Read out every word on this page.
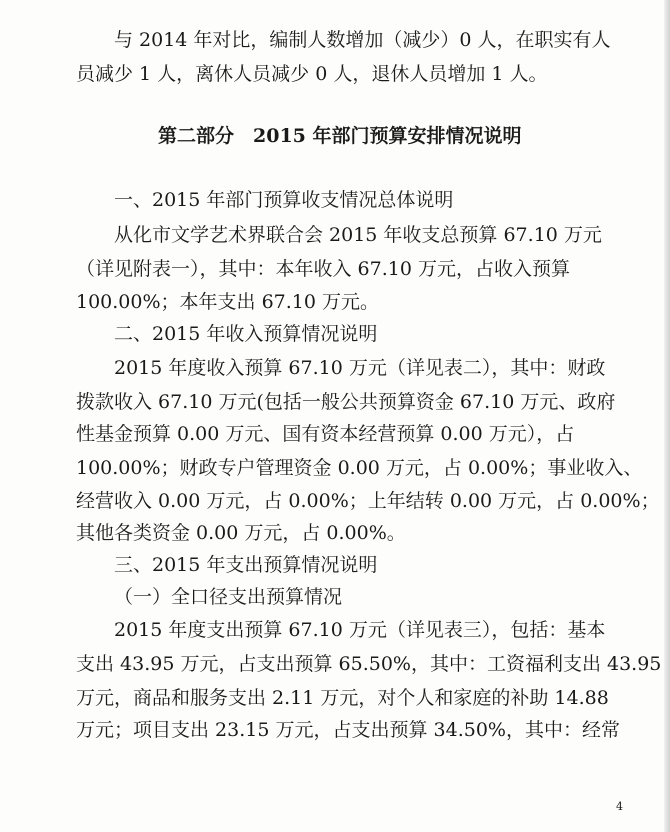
与 2014 年对比，编制人数增加（减少）0 人，在职实有人
员减少 1 人，离休人员减少 0 人，退休人员增加 1 人。
第二部分　2015 年部门预算安排情况说明
一、2015 年部门预算收支情况总体说明
从化市文学艺术界联合会 2015 年收支总预算 67.10 万元
（详见附表一），其中：本年收入 67.10 万元，占收入预算
100.00%；本年支出 67.10 万元。
二、2015 年收入预算情况说明
2015 年度收入预算 67.10 万元（详见表二），其中：财政
拨款收入 67.10 万元(包括一般公共预算资金 67.10 万元、政府
性基金预算 0.00 万元、国有资本经营预算 0.00 万元），占
100.00%；财政专户管理资金 0.00 万元，占 0.00%；事业收入、
经营收入 0.00 万元，占 0.00%；上年结转 0.00 万元，占 0.00%；
其他各类资金 0.00 万元，占 0.00%。
三、2015 年支出预算情况说明
（一）全口径支出预算情况
2015 年度支出预算 67.10 万元（详见表三），包括：基本
支出 43.95 万元，占支出预算 65.50%，其中：工资福利支出 43.95
万元，商品和服务支出 2.11 万元，对个人和家庭的补助 14.88
万元；项目支出 23.15 万元，占支出预算 34.50%，其中：经常
4
